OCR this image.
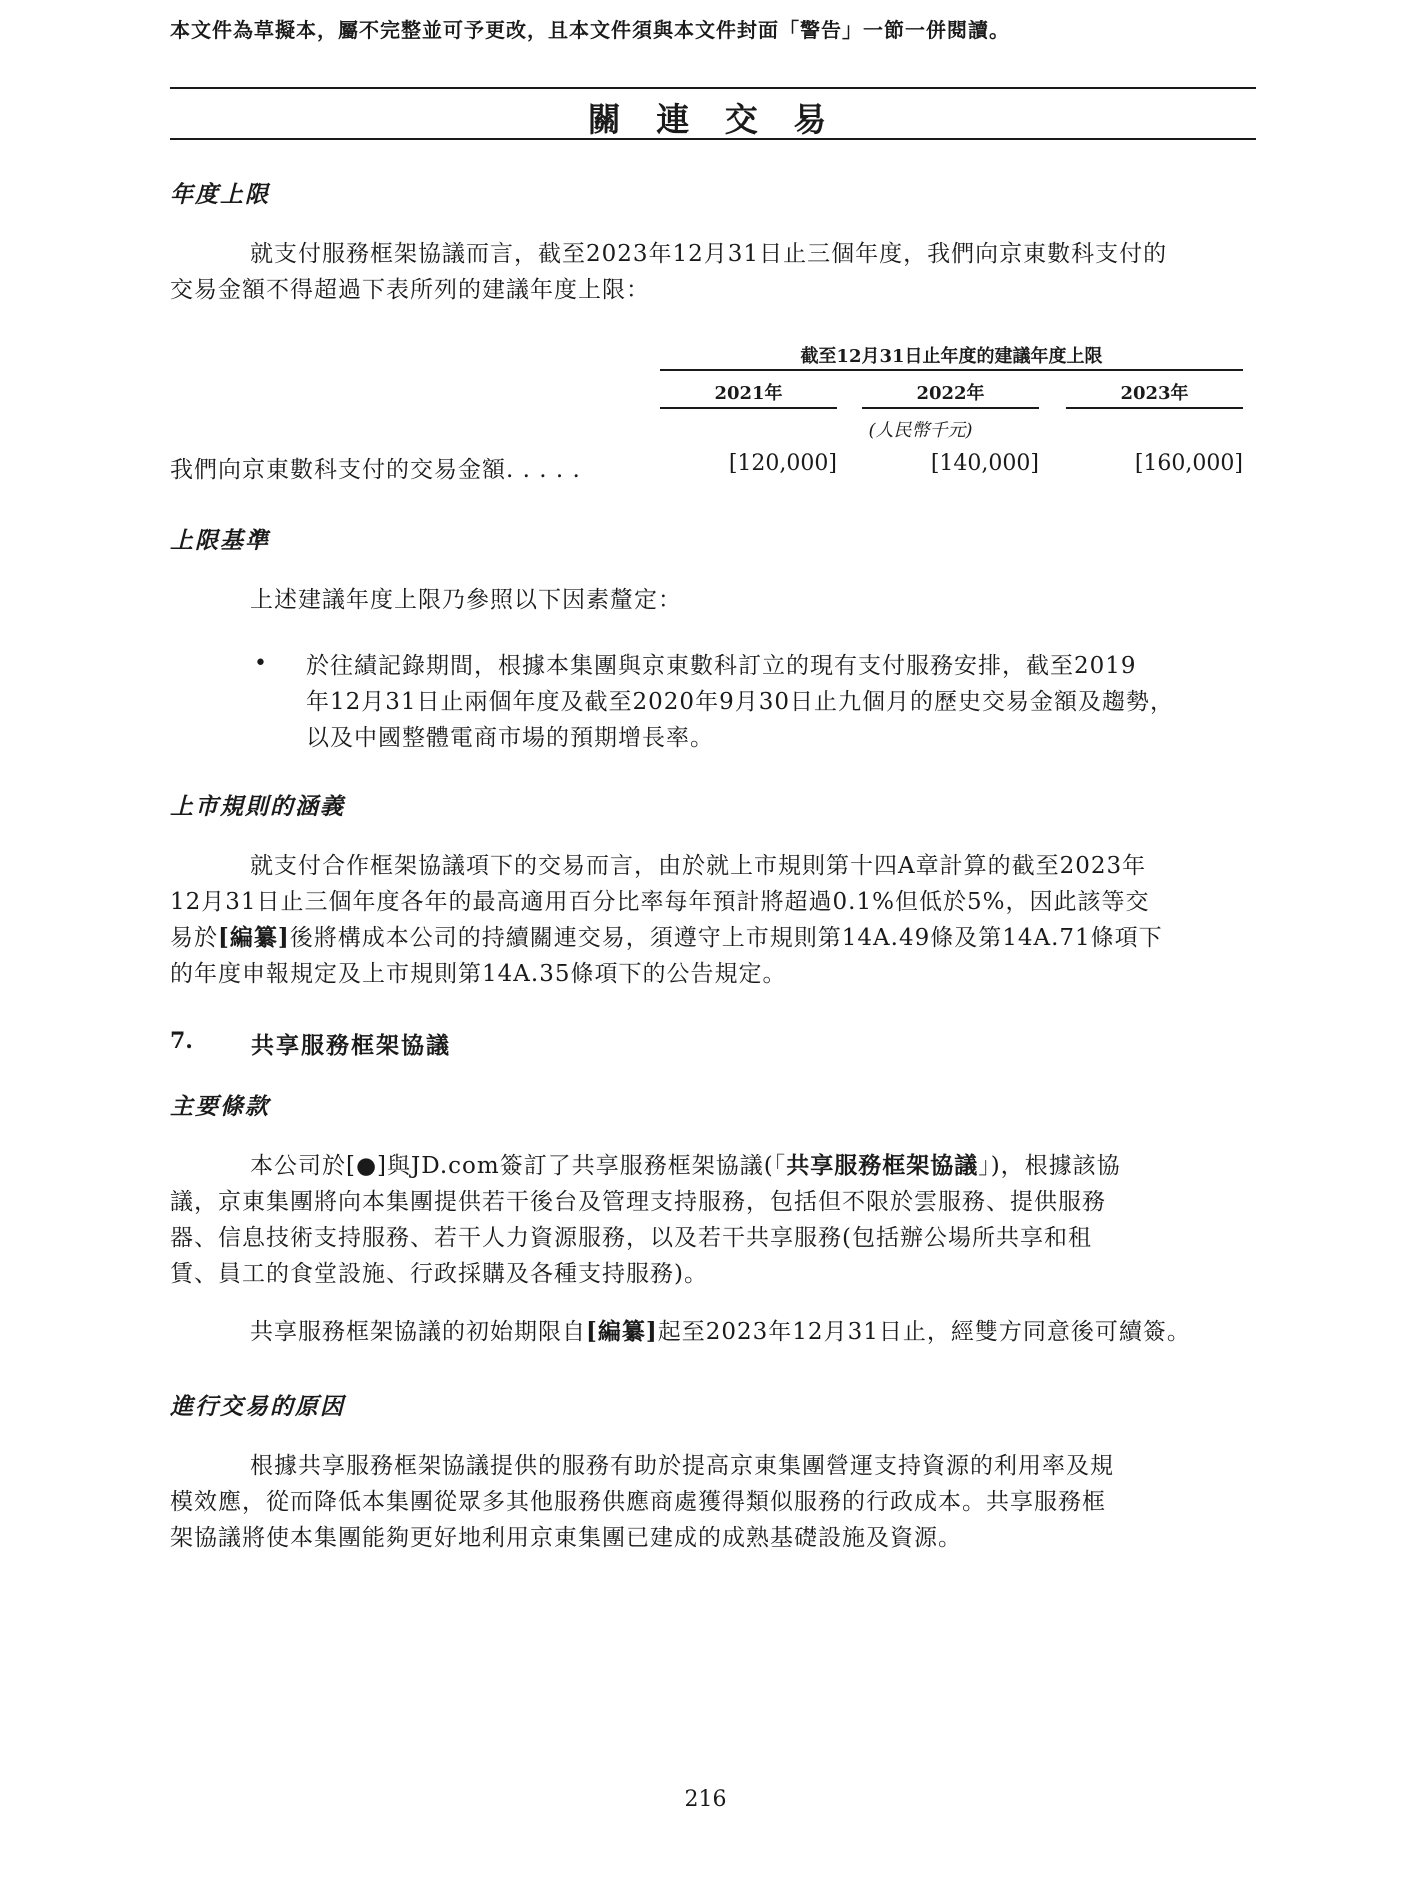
本文件為草擬本，屬不完整並可予更改，且本文件須與本文件封面「警告」一節一併閱讀。
關 連 交 易
年度上限
就支付服務框架協議而言，截至2023年12月31日止三個年度，我們向京東數科支付的
交易金額不得超過下表所列的建議年度上限：
截至12月31日止年度的建議年度上限
2021年	2022年	2023年
(人民幣千元)
我們向京東數科支付的交易金額. . . . .	[120,000]	[140,000]	[160,000]
上限基準
上述建議年度上限乃參照以下因素釐定：
• 於往績記錄期間，根據本集團與京東數科訂立的現有支付服務安排，截至2019
年12月31日止兩個年度及截至2020年9月30日止九個月的歷史交易金額及趨勢，
以及中國整體電商市場的預期增長率。
上市規則的涵義
就支付合作框架協議項下的交易而言，由於就上市規則第十四A章計算的截至2023年
12月31日止三個年度各年的最高適用百分比率每年預計將超過0.1%但低於5%，因此該等交
易於[編纂]後將構成本公司的持續關連交易，須遵守上市規則第14A.49條及第14A.71條項下
的年度申報規定及上市規則第14A.35條項下的公告規定。
7.	共享服務框架協議
主要條款
本公司於[●]與JD.com簽訂了共享服務框架協議(「共享服務框架協議」)，根據該協
議，京東集團將向本集團提供若干後台及管理支持服務，包括但不限於雲服務、提供服務
器、信息技術支持服務、若干人力資源服務，以及若干共享服務(包括辦公場所共享和租
賃、員工的食堂設施、行政採購及各種支持服務)。
共享服務框架協議的初始期限自[編纂]起至2023年12月31日止，經雙方同意後可續簽。
進行交易的原因
根據共享服務框架協議提供的服務有助於提高京東集團營運支持資源的利用率及規
模效應，從而降低本集團從眾多其他服務供應商處獲得類似服務的行政成本。共享服務框
架協議將使本集團能夠更好地利用京東集團已建成的成熟基礎設施及資源。
216
